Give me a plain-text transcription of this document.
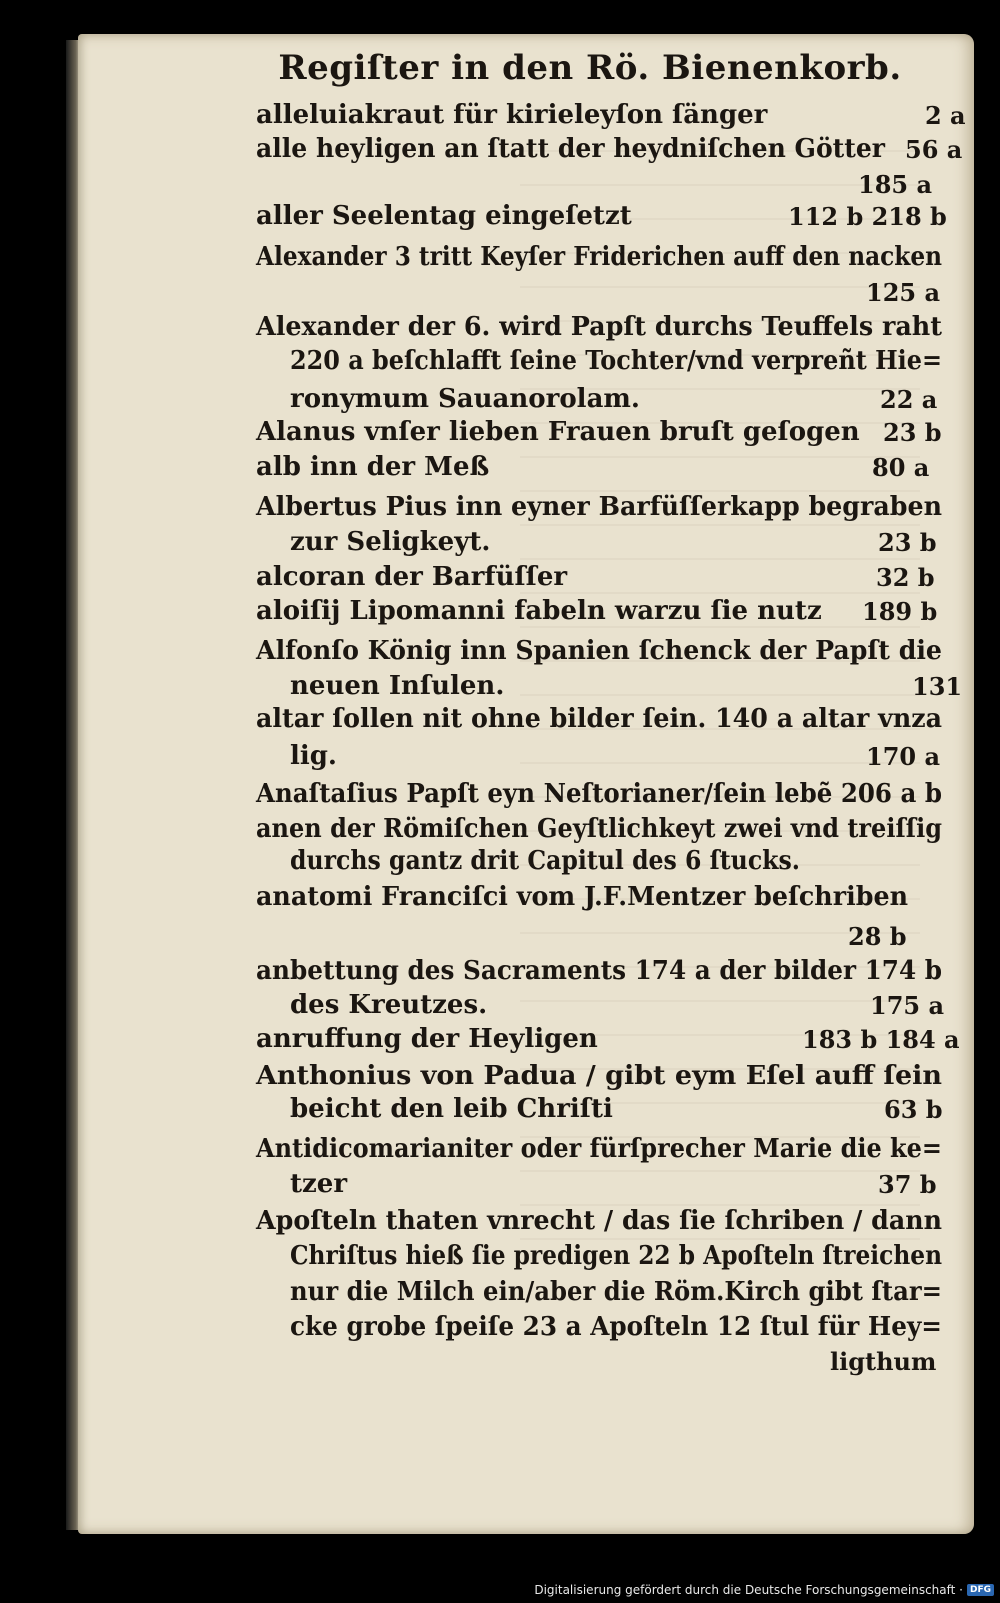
Regiſter in den Rö. Bienenkorb.
alleluiakraut für kirieleyſon ſänger	2 a
alle heyligen an ſtatt der heydniſchen Götter 56 a
185 a
aller Seelentag eingeſetzt	112 b 218 b
Alexander 3 tritt Keyſer Friderichen auff den nacken
125 a
Alexander der 6. wird Papſt durchs Teuffels raht
220 a beſchlafft ſeine Tochter/vnd verpreñt Hie=
ronymum Sauanorolam.	22 a
Alanus vnſer lieben Frauen bruſt geſogen 23 b
alb inn der Meß	80 a
Albertus Pius inn eyner Barfüſſerkapp begraben
zur Seligkeyt.	23 b
alcoran der Barfüſſer	32 b
aloiſij Lipomanni fabeln warzu ſie nutz 189 b
Alfonſo König inn Spanien ſchenck der Papſt die
neuen Inſulen.	131
altar ſollen nit ohne bilder ſein. 140 a altar vnza
lig.	170 a
Anaſtaſius Papſt eyn Neſtorianer/ſein lebẽ 206 a b
anen der Römiſchen Geyſtlichkeyt zwei vnd treiſſig
durchs gantz drit Capitul des 6 ſtucks.
anatomi Franciſci vom J.F.Mentzer beſchriben
28 b
anbettung des Sacraments 174 a der bilder 174 b
des Kreutzes.	175 a
anruffung der Heyligen	183 b 184 a
Anthonius von Padua / gibt eym Eſel auff ſein
beicht den leib Chriſti	63 b
Antidicomarianiter oder fürſprecher Marie die ke=
tzer	37 b
Apoſteln thaten vnrecht / das ſie ſchriben / dann
Chriſtus hieß ſie predigen 22 b Apoſteln ſtreichen
nur die Milch ein/aber die Röm.Kirch gibt ſtar=
cke grobe ſpeiſe 23 a Apoſteln 12 ſtul für Hey=
ligthum
Digitalisierung gefördert durch die Deutsche Forschungsgemeinschaft · DFG
